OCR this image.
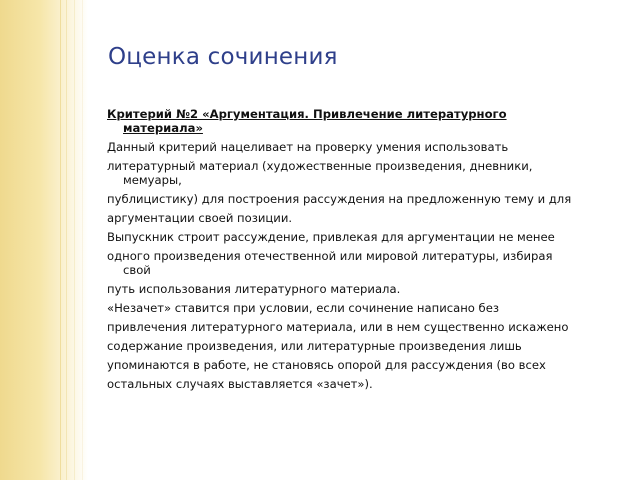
Оценка сочинения
Критерий №2 «Аргументация. Привлечение литературного
материала»
Данный критерий нацеливает на проверку умения использовать
литературный материал (художественные произведения, дневники,
мемуары,
публицистику) для построения рассуждения на предложенную тему и для
аргументации своей позиции.
Выпускник строит рассуждение, привлекая для аргументации не менее
одного произведения отечественной или мировой литературы, избирая
свой
путь использования литературного материала.
«Незачет» ставится при условии, если сочинение написано без
привлечения литературного материала, или в нем существенно искажено
содержание произведения, или литературные произведения лишь
упоминаются в работе, не становясь опорой для рассуждения (во всех
остальных случаях выставляется «зачет»).
